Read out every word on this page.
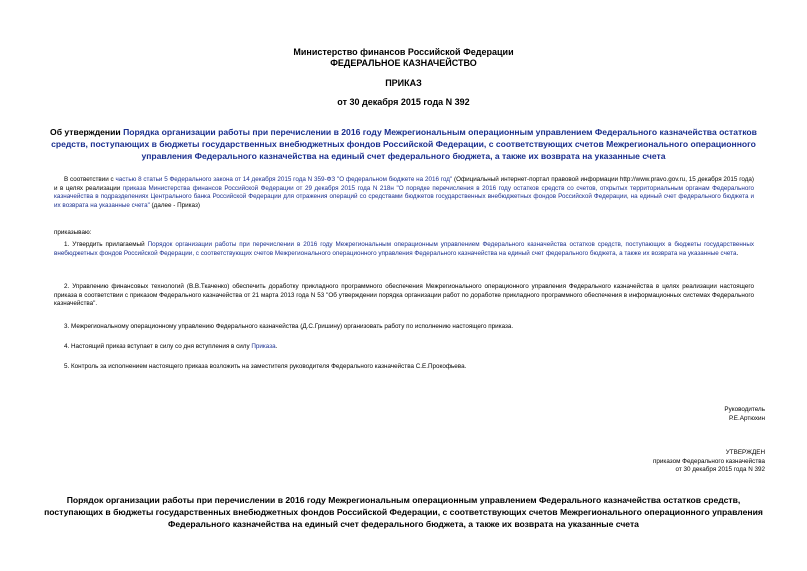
Министерство финансов Российской Федерации
ФЕДЕРАЛЬНОЕ КАЗНАЧЕЙСТВО
ПРИКАЗ
от 30 декабря 2015 года N 392
Об утверждении Порядка организации работы при перечислении в 2016 году Межрегиональным операционным управлением Федерального казначейства остатков средств, поступающих в бюджеты государственных внебюджетных фондов Российской Федерации, с соответствующих счетов Межрегионального операционного управления Федерального казначейства на единый счет федерального бюджета, а также их возврата на указанные счета
В соответствии с частью 8 статьи 5 Федерального закона от 14 декабря 2015 года N 359-ФЗ "О федеральном бюджете на 2016 год" (Официальный интернет-портал правовой информации http://www.pravo.gov.ru, 15 декабря 2015 года) и в целях реализации приказа Министерства финансов Российской Федерации от 29 декабря 2015 года N 218н "О порядке перечисления в 2016 году остатков средств со счетов, открытых территориальным органам Федерального казначейства в подразделениях Центрального банка Российской Федерации для отражения операций со средствами бюджетов государственных внебюджетных фондов Российской Федерации, на единый счет федерального бюджета и их возврата на указанные счета" (далее - Приказ)
приказываю:
1. Утвердить прилагаемый Порядок организации работы при перечислении в 2016 году Межрегиональным операционным управлением Федерального казначейства остатков средств, поступающих в бюджеты государственных внебюджетных фондов Российской Федерации, с соответствующих счетов Межрегионального операционного управления Федерального казначейства на единый счет федерального бюджета, а также их возврата на указанные счета.
2. Управлению финансовых технологий (В.В.Ткаченко) обеспечить доработку прикладного программного обеспечения Межрегионального операционного управления Федерального казначейства в целях реализации настоящего приказа в соответствии с приказом Федерального казначейства от 21 марта 2013 года N 53 "Об утверждении порядка организации работ по доработке прикладного программного обеспечения в информационных системах Федерального казначейства".
3. Межрегиональному операционному управлению Федерального казначейства (Д.С.Гришину) организовать работу по исполнению настоящего приказа.
4. Настоящий приказ вступает в силу со дня вступления в силу Приказа.
5. Контроль за исполнением настоящего приказа возложить на заместителя руководителя Федерального казначейства С.Е.Прокофьева.
Руководитель
Р.Е.Артюхин
УТВЕРЖДЕН
приказом Федерального казначейства
от 30 декабря 2015 года N 392
Порядок организации работы при перечислении в 2016 году Межрегиональным операционным управлением Федерального казначейства остатков средств, поступающих в бюджеты государственных внебюджетных фондов Российской Федерации, с соответствующих счетов Межрегионального операционного управления Федерального казначейства на единый счет федерального бюджета, а также их возврата на указанные счета
